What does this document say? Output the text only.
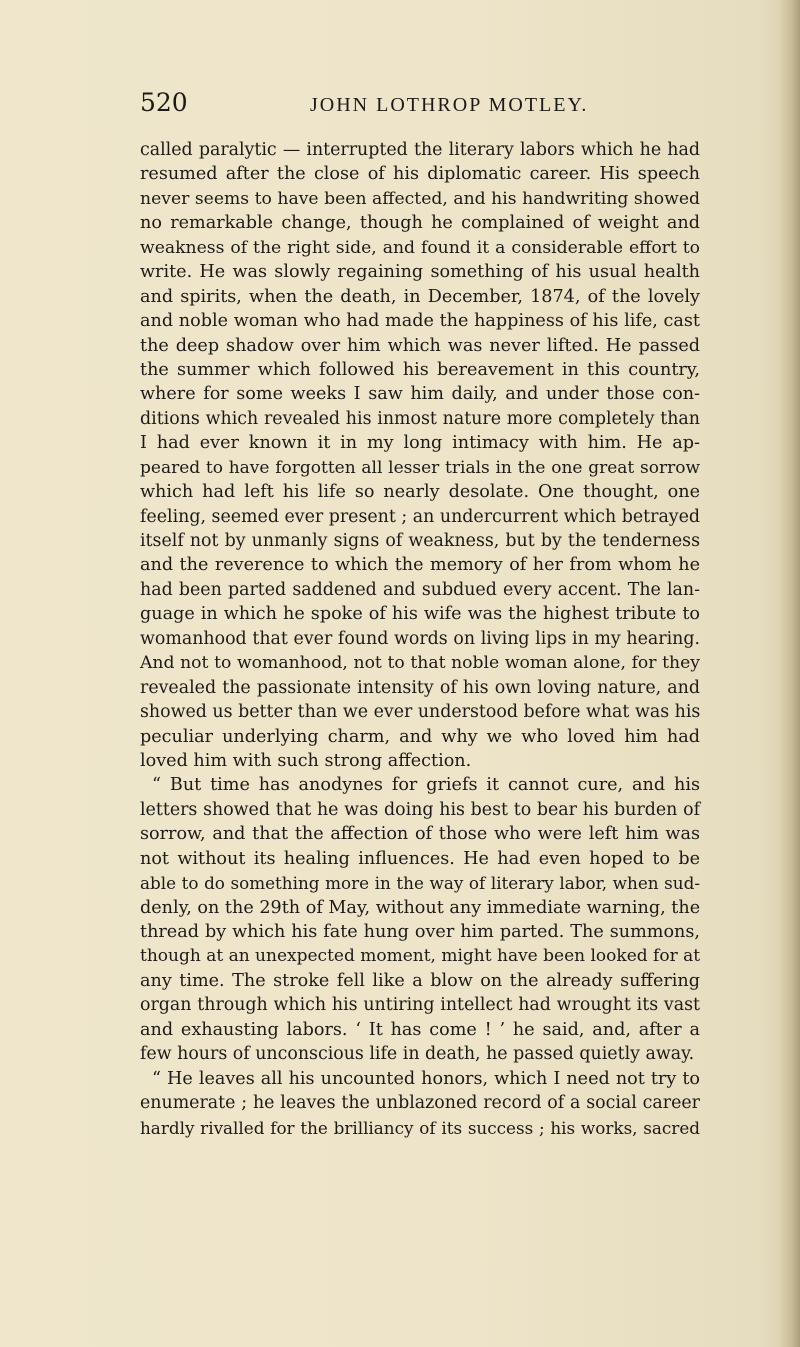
520	JOHN LOTHROP MOTLEY.
called paralytic — interrupted the literary labors which he had
resumed after the close of his diplomatic career. His speech
never seems to have been affected, and his handwriting showed
no remarkable change, though he complained of weight and
weakness of the right side, and found it a considerable effort to
write. He was slowly regaining something of his usual health
and spirits, when the death, in December, 1874, of the lovely
and noble woman who had made the happiness of his life, cast
the deep shadow over him which was never lifted. He passed
the summer which followed his bereavement in this country,
where for some weeks I saw him daily, and under those con-
ditions which revealed his inmost nature more completely than
I had ever known it in my long intimacy with him. He ap-
peared to have forgotten all lesser trials in the one great sorrow
which had left his life so nearly desolate. One thought, one
feeling, seemed ever present ; an undercurrent which betrayed
itself not by unmanly signs of weakness, but by the tenderness
and the reverence to which the memory of her from whom he
had been parted saddened and subdued every accent. The lan-
guage in which he spoke of his wife was the highest tribute to
womanhood that ever found words on living lips in my hearing.
And not to womanhood, not to that noble woman alone, for they
revealed the passionate intensity of his own loving nature, and
showed us better than we ever understood before what was his
peculiar underlying charm, and why we who loved him had
loved him with such strong affection.
“ But time has anodynes for griefs it cannot cure, and his
letters showed that he was doing his best to bear his burden of
sorrow, and that the affection of those who were left him was
not without its healing influences. He had even hoped to be
able to do something more in the way of literary labor, when sud-
denly, on the 29th of May, without any immediate warning, the
thread by which his fate hung over him parted. The summons,
though at an unexpected moment, might have been looked for at
any time. The stroke fell like a blow on the already suffering
organ through which his untiring intellect had wrought its vast
and exhausting labors. ‘ It has come ! ’ he said, and, after a
few hours of unconscious life in death, he passed quietly away.
“ He leaves all his uncounted honors, which I need not try to
enumerate ; he leaves the unblazoned record of a social career
hardly rivalled for the brilliancy of its success ; his works, sacred
